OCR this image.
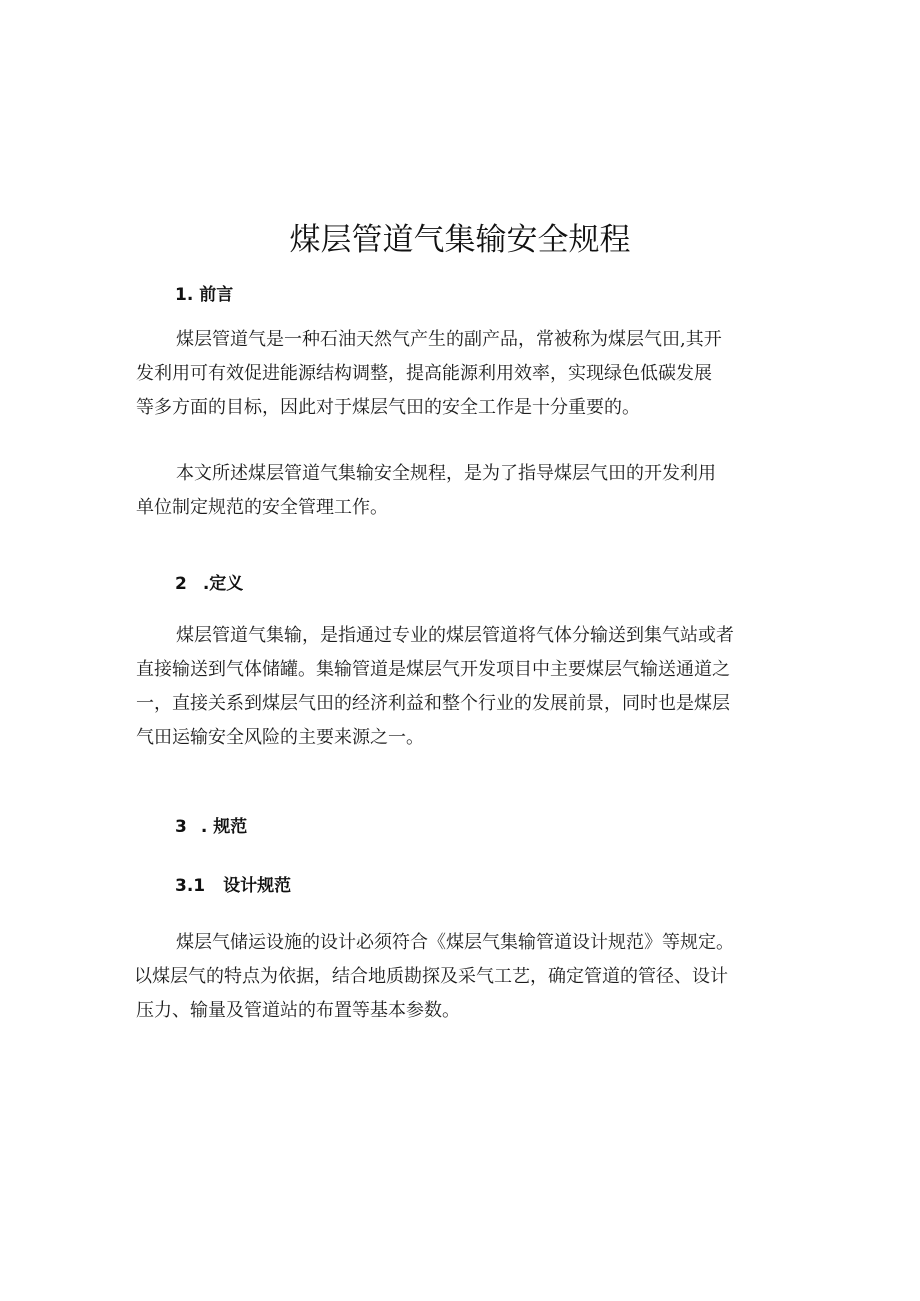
煤层管道气集输安全规程
1. 前言

煤层管道气是一种石油天然气产生的副产品，常被称为煤层气田,其开
发利用可有效促进能源结构调整，提高能源利用效率，实现绿色低碳发展
等多方面的目标，因此对于煤层气田的安全工作是十分重要的。

本文所述煤层管道气集输安全规程，是为了指导煤层气田的开发利用
单位制定规范的安全管理工作。

2 .定义

煤层管道气集输，是指通过专业的煤层管道将气体分输送到集气站或者
直接输送到气体储罐。集输管道是煤层气开发项目中主要煤层气输送通道之
一，直接关系到煤层气田的经济利益和整个行业的发展前景，同时也是煤层
气田运输安全风险的主要来源之一。

3 . 规范
3.1 设计规范

煤层气储运设施的设计必须符合《煤层气集输管道设计规范》等规定。
以煤层气的特点为依据，结合地质勘探及采气工艺，确定管道的管径、设计
压力、输量及管道站的布置等基本参数。
